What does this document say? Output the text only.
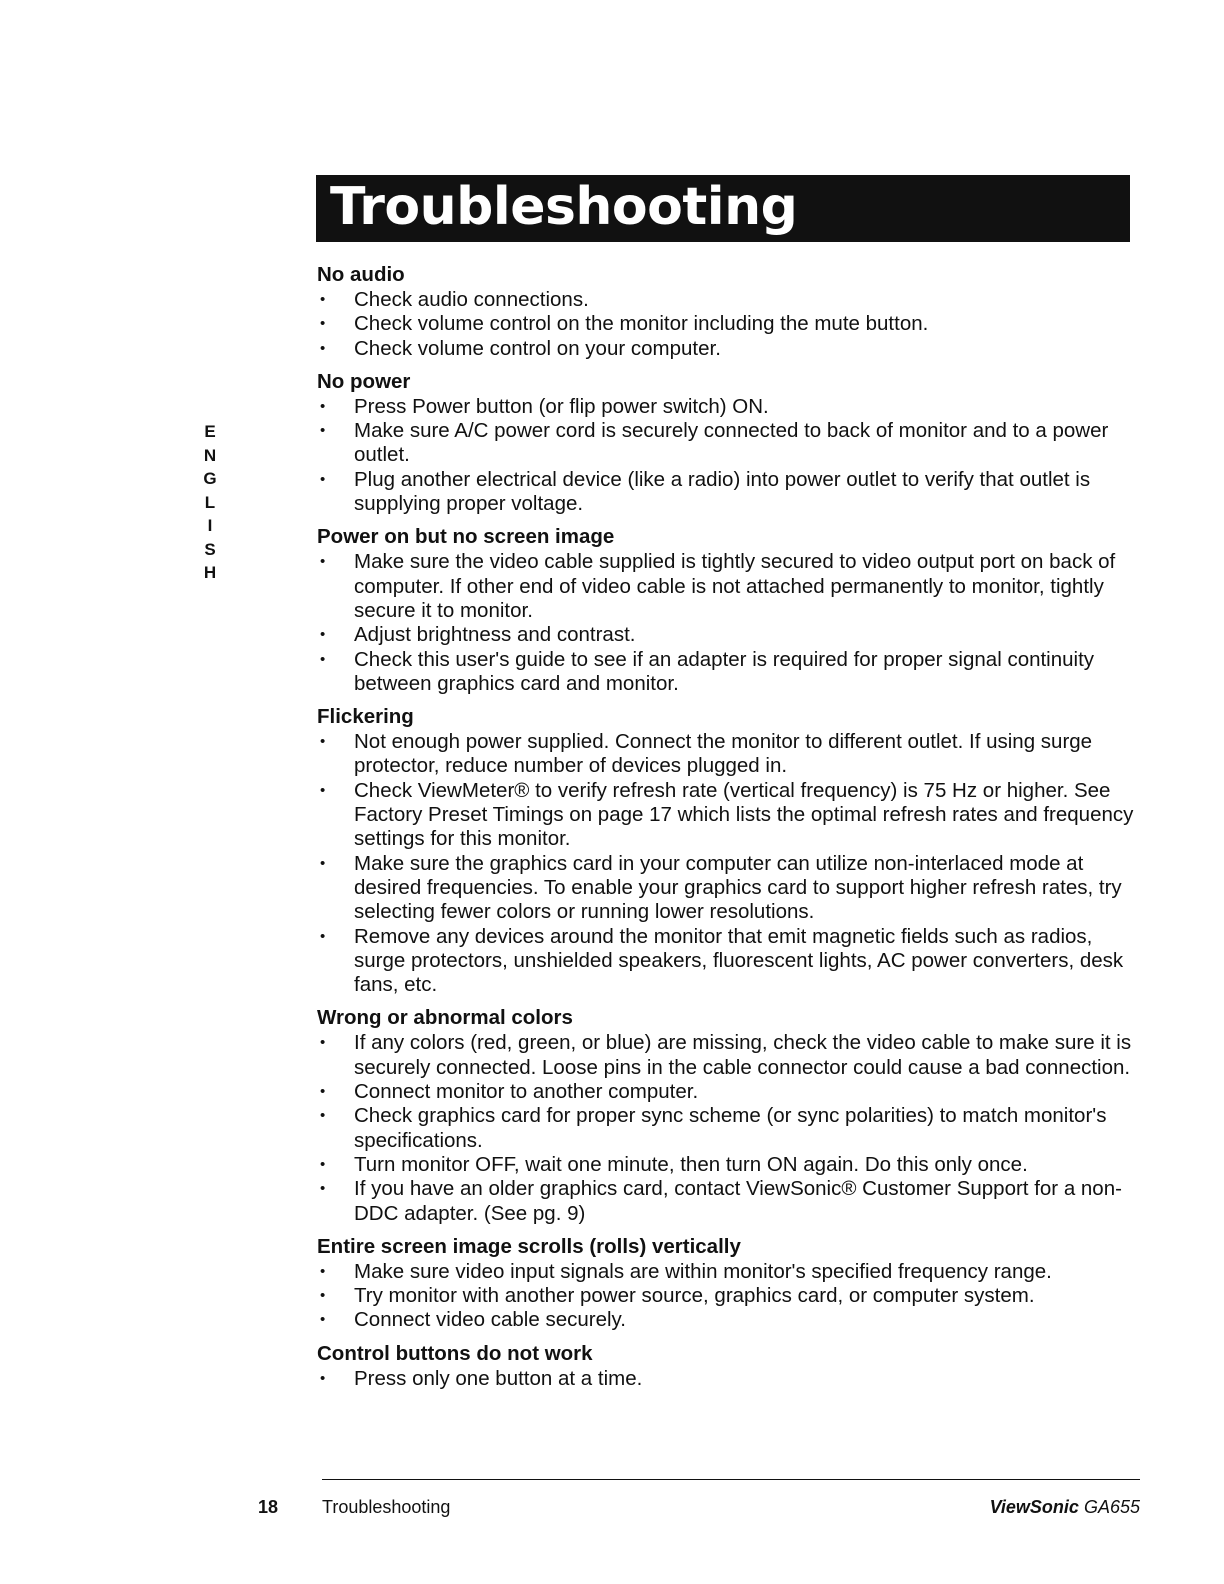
Troubleshooting
E
N
G
L
I
S
H
No audio
• Check audio connections.
• Check volume control on the monitor including the mute button.
• Check volume control on your computer.
No power
• Press Power button (or flip power switch) ON.
• Make sure A/C power cord is securely connected to back of monitor and to a power outlet.
• Plug another electrical device (like a radio) into power outlet to verify that outlet is supplying proper voltage.
Power on but no screen image
• Make sure the video cable supplied is tightly secured to video output port on back of computer. If other end of video cable is not attached permanently to monitor, tightly secure it to monitor.
• Adjust brightness and contrast.
• Check this user's guide to see if an adapter is required for proper signal continuity between graphics card and monitor.
Flickering
• Not enough power supplied. Connect the monitor to different outlet. If using surge protector, reduce number of devices plugged in.
• Check ViewMeter® to verify refresh rate (vertical frequency) is 75 Hz or higher. See Factory Preset Timings on page 17 which lists the optimal refresh rates and frequency settings for this monitor.
• Make sure the graphics card in your computer can utilize non-interlaced mode at desired frequencies. To enable your graphics card to support higher refresh rates, try selecting fewer colors or running lower resolutions.
• Remove any devices around the monitor that emit magnetic fields such as radios, surge protectors, unshielded speakers, fluorescent lights, AC power converters, desk fans, etc.
Wrong or abnormal colors
• If any colors (red, green, or blue) are missing, check the video cable to make sure it is securely connected. Loose pins in the cable connector could cause a bad connection.
• Connect monitor to another computer.
• Check graphics card for proper sync scheme (or sync polarities) to match monitor's specifications.
• Turn monitor OFF, wait one minute, then turn ON again. Do this only once.
• If you have an older graphics card, contact ViewSonic® Customer Support for a non-DDC adapter. (See pg. 9)
Entire screen image scrolls (rolls) vertically
• Make sure video input signals are within monitor's specified frequency range.
• Try monitor with another power source, graphics card, or computer system.
• Connect video cable securely.
Control buttons do not work
• Press only one button at a time.
18 Troubleshooting	ViewSonic GA655
